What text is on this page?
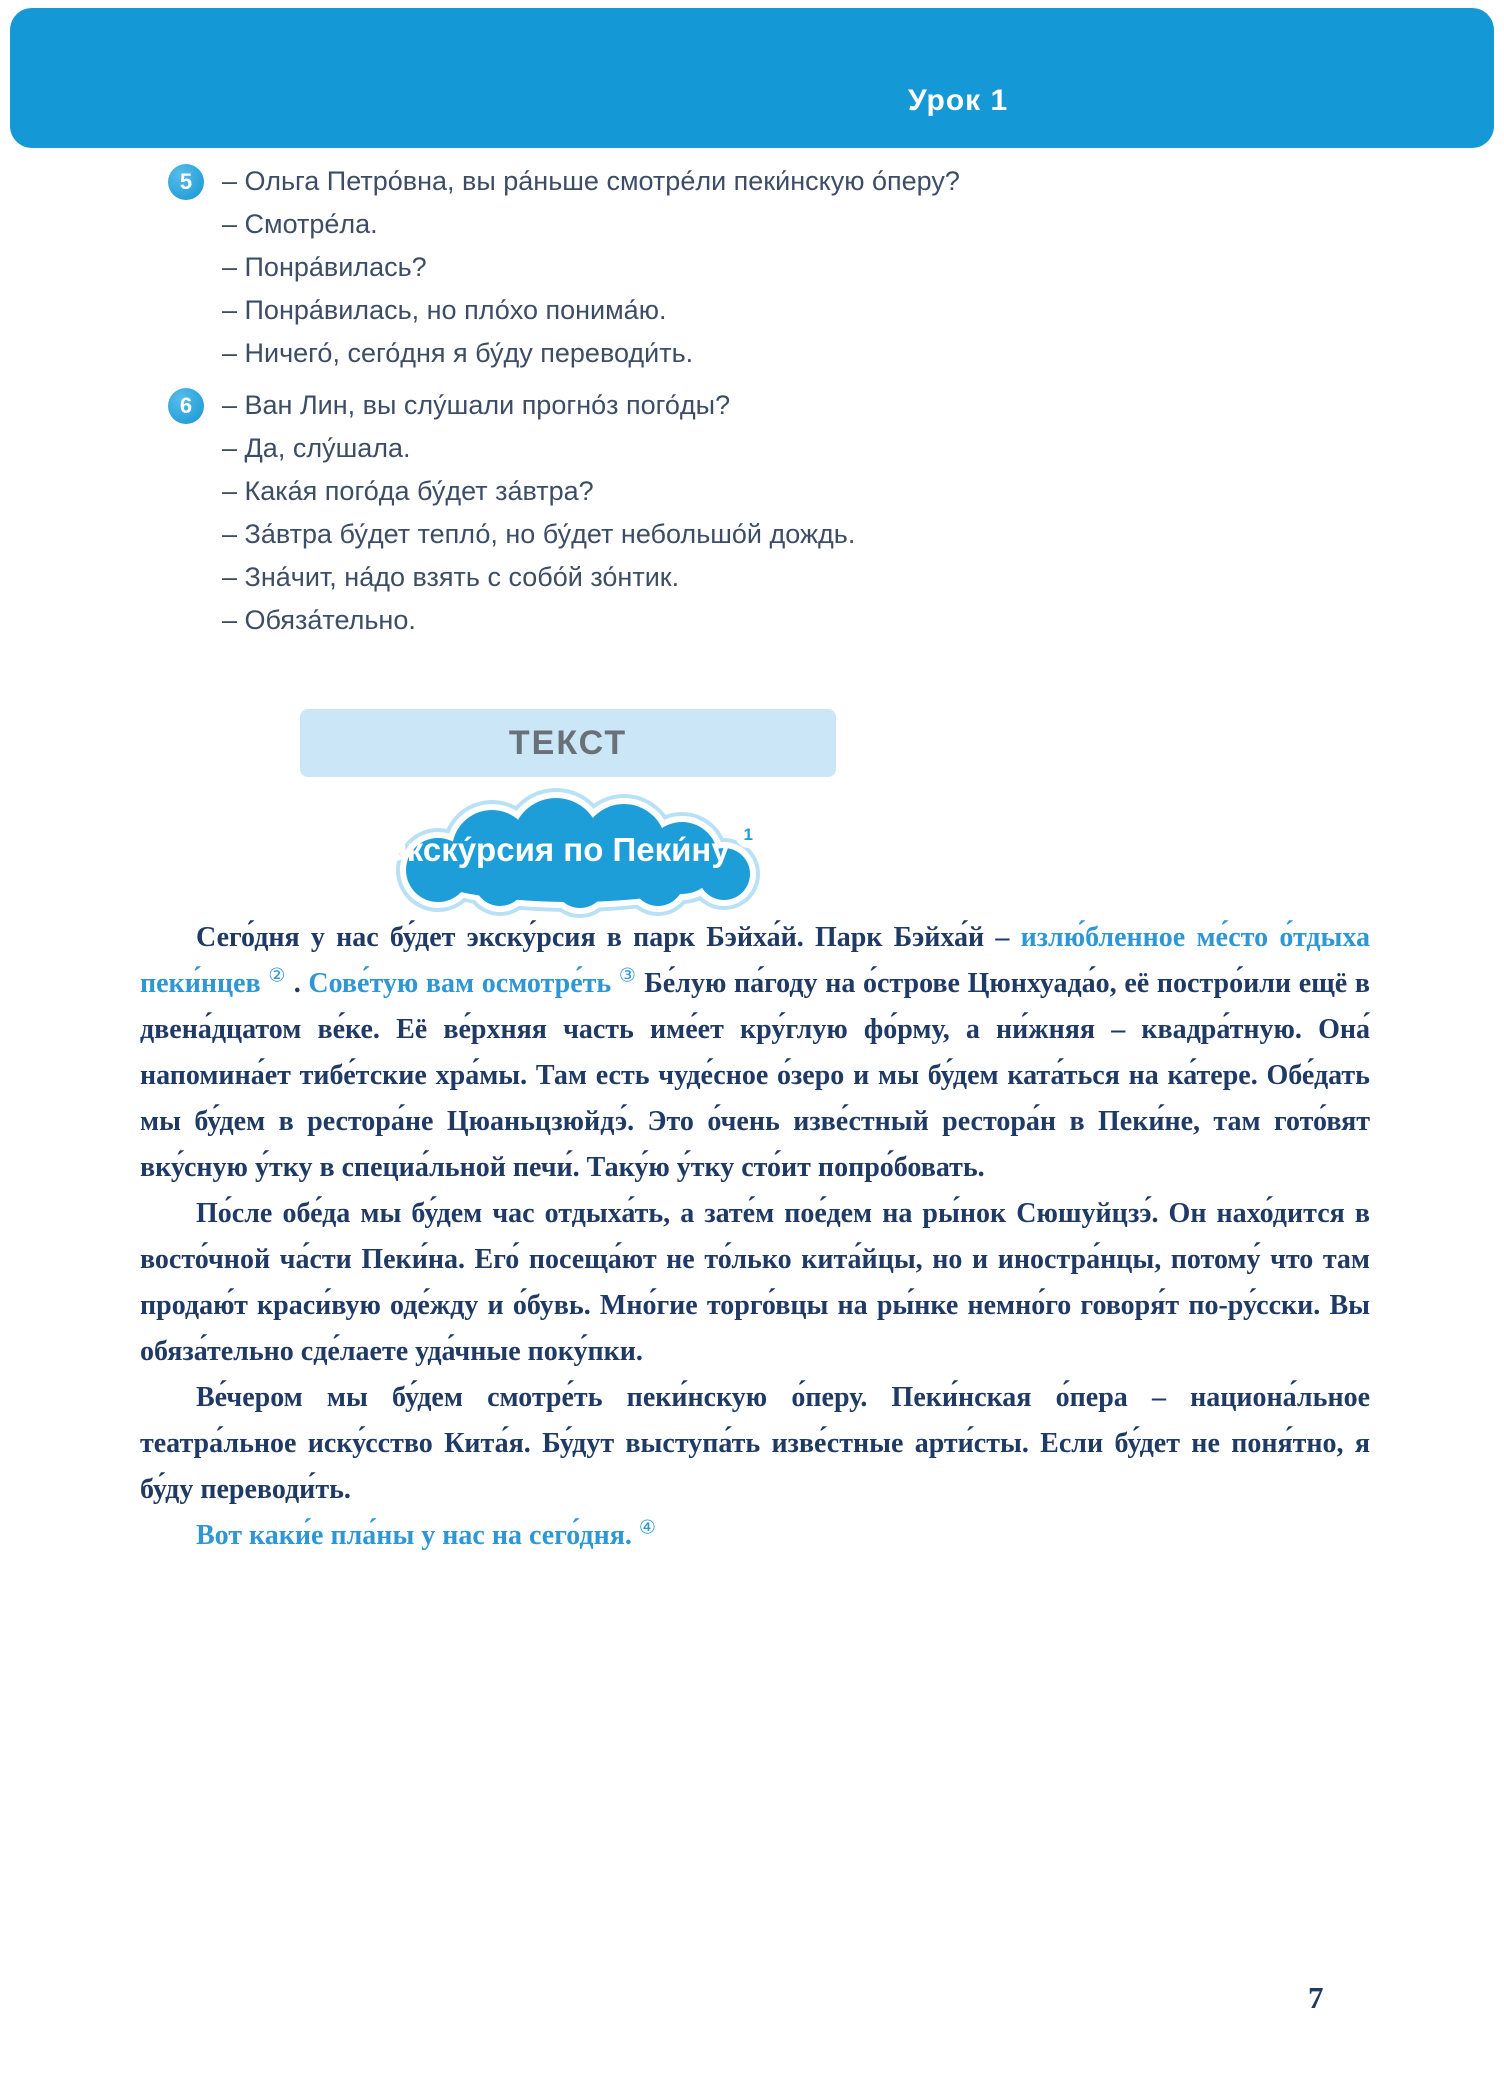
Урок 1
5	– Ольга Петро́вна, вы ра́ньше смотре́ли пеки́нскую о́перу?
– Смотре́ла.
– Понра́вилась?
– Понра́вилась, но пло́хо понима́ю.
– Ничего́, сего́дня я бу́ду переводи́ть.
6	– Ван Лин, вы слу́шали прогно́з пого́ды?
– Да, слу́шала.
– Кака́я пого́да бу́дет за́втра?
– За́втра бу́дет тепло́, но бу́дет небольшо́й дождь.
– Зна́чит, на́до взять с собо́й зо́нтик.
– Обяза́тельно.
ТЕКСТ
Экску́рсия по Пеки́ну 1

Сего́дня у нас бу́дет экску́рсия в парк Бэйха́й. Парк Бэйха́й – излю́бленное ме́сто о́тдыха пеки́нцев ② . Сове́тую вам осмотре́ть ③ Бе́лую па́году на о́строве Цюнхуада́о, её постро́или ещё в двена́дцатом ве́ке. Её ве́рхняя часть име́ет кру́глую фо́рму, а ни́жняя – квадра́тную. Она́ напомина́ет тибе́тские хра́мы. Там есть чуде́сное о́зеро и мы бу́дем ката́ться на ка́тере. Обе́дать мы бу́дем в рестора́не Цюаньцзюйдэ́. Это о́чень изве́стный рестора́н в Пеки́не, там гото́вят вку́сную у́тку в специа́льной печи́. Таку́ю у́тку сто́ит попро́бовать.

По́сле обе́да мы бу́дем час отдыха́ть, а зате́м пое́дем на ры́нок Сюшуйцзэ́. Он нахо́дится в восто́чной ча́сти Пеки́на. Его́ посеща́ют не то́лько кита́йцы, но и иностра́нцы, потому́ что там продаю́т краси́вую оде́жду и о́бувь. Мно́гие торго́вцы на ры́нке немно́го говоря́т по-ру́сски. Вы обяза́тельно сде́лаете уда́чные поку́пки.

Ве́чером мы бу́дем смотре́ть пеки́нскую о́перу. Пеки́нская о́пера – национа́льное театра́льное иску́сство Кита́я. Бу́дут выступа́ть изве́стные арти́сты. Если бу́дет не поня́тно, я бу́ду переводи́ть.

Вот каки́е пла́ны у нас на сего́дня. ④

7
